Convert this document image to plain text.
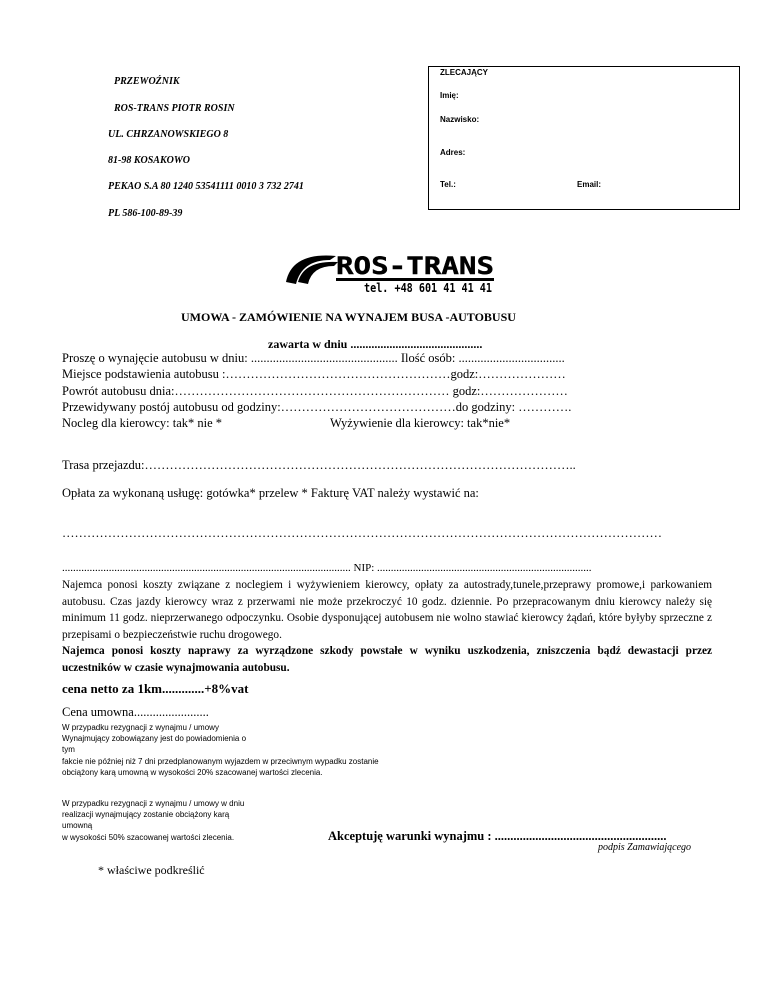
PRZEWOŹNIK
ROS-TRANS PIOTR ROSIN
UL. CHRZANOWSKIEGO 8
81-98 KOSAKOWO
PEKAO S.A 80 1240 53541111 0010 3 732 2741
PL 586-100-89-39
ZLECAJĄCY
Imię:
Nazwisko:
Adres:
Tel.:	Email:
ROS-TRANS
tel. +48 601 41 41 41
UMOWA - ZAMÓWIENIE NA WYNAJEM BUSA -AUTOBUSU
zawarta w dniu ............................................
Proszę o wynajęcie autobusu w dniu: ............................................... Ilość osób: ..................................
Miejsce podstawienia autobusu :………………………………………………godz:…………………
Powrót autobusu dnia:………………………………………………………… godz:…………………
Przewidywany postój autobusu od godziny:……………………………………do godziny: ………….
Nocleg dla kierowcy: tak* nie *	Wyżywienie dla kierowcy: tak*nie*
Trasa przejazdu:…………………………………………………………………………………………..
Opłata za wykonaną usługę: gotówka* przelew * Fakturę VAT należy wystawić na:
………………………………………………………………………………………………………………………………
......................................................................................................... NIP: ..............................................................................
Najemca ponosi koszty związane z noclegiem i wyżywieniem kierowcy, opłaty za autostrady,tunele,przeprawy promowe,i parkowaniem autobusu. Czas jazdy kierowcy wraz z przerwami nie może przekroczyć 10 godz. dziennie. Po przepracowanym dniu kierowcy należy się minimum 11 godz. nieprzerwanego odpoczynku. Osobie dysponującej autobusem nie wolno stawiać kierowcy żądań, które byłyby sprzeczne z przepisami o bezpieczeństwie ruchu drogowego.
Najemca ponosi koszty naprawy za wyrządzone szkody powstałe w wyniku uszkodzenia, zniszczenia bądź dewastacji przez uczestników w czasie wynajmowania autobusu.
cena netto za 1km.............+8%vat
Cena umowna........................
W przypadku rezygnacji z wynajmu / umowy
Wynajmujący zobowiązany jest do powiadomienia o
tym
fakcie nie później niż 7 dni przedplanowanym wyjazdem w przeciwnym wypadku zostanie
obciążony karą umowną w wysokości 20% szacowanej wartości zlecenia.
W przypadku rezygnacji z wynajmu / umowy w dniu
realizacji wynajmujący zostanie obciążony karą
umowną
w wysokości 50% szacowanej wartości zlecenia.	Akceptuję warunki wynajmu : .......................................................
podpis Zamawiającego
* właściwe podkreślić
